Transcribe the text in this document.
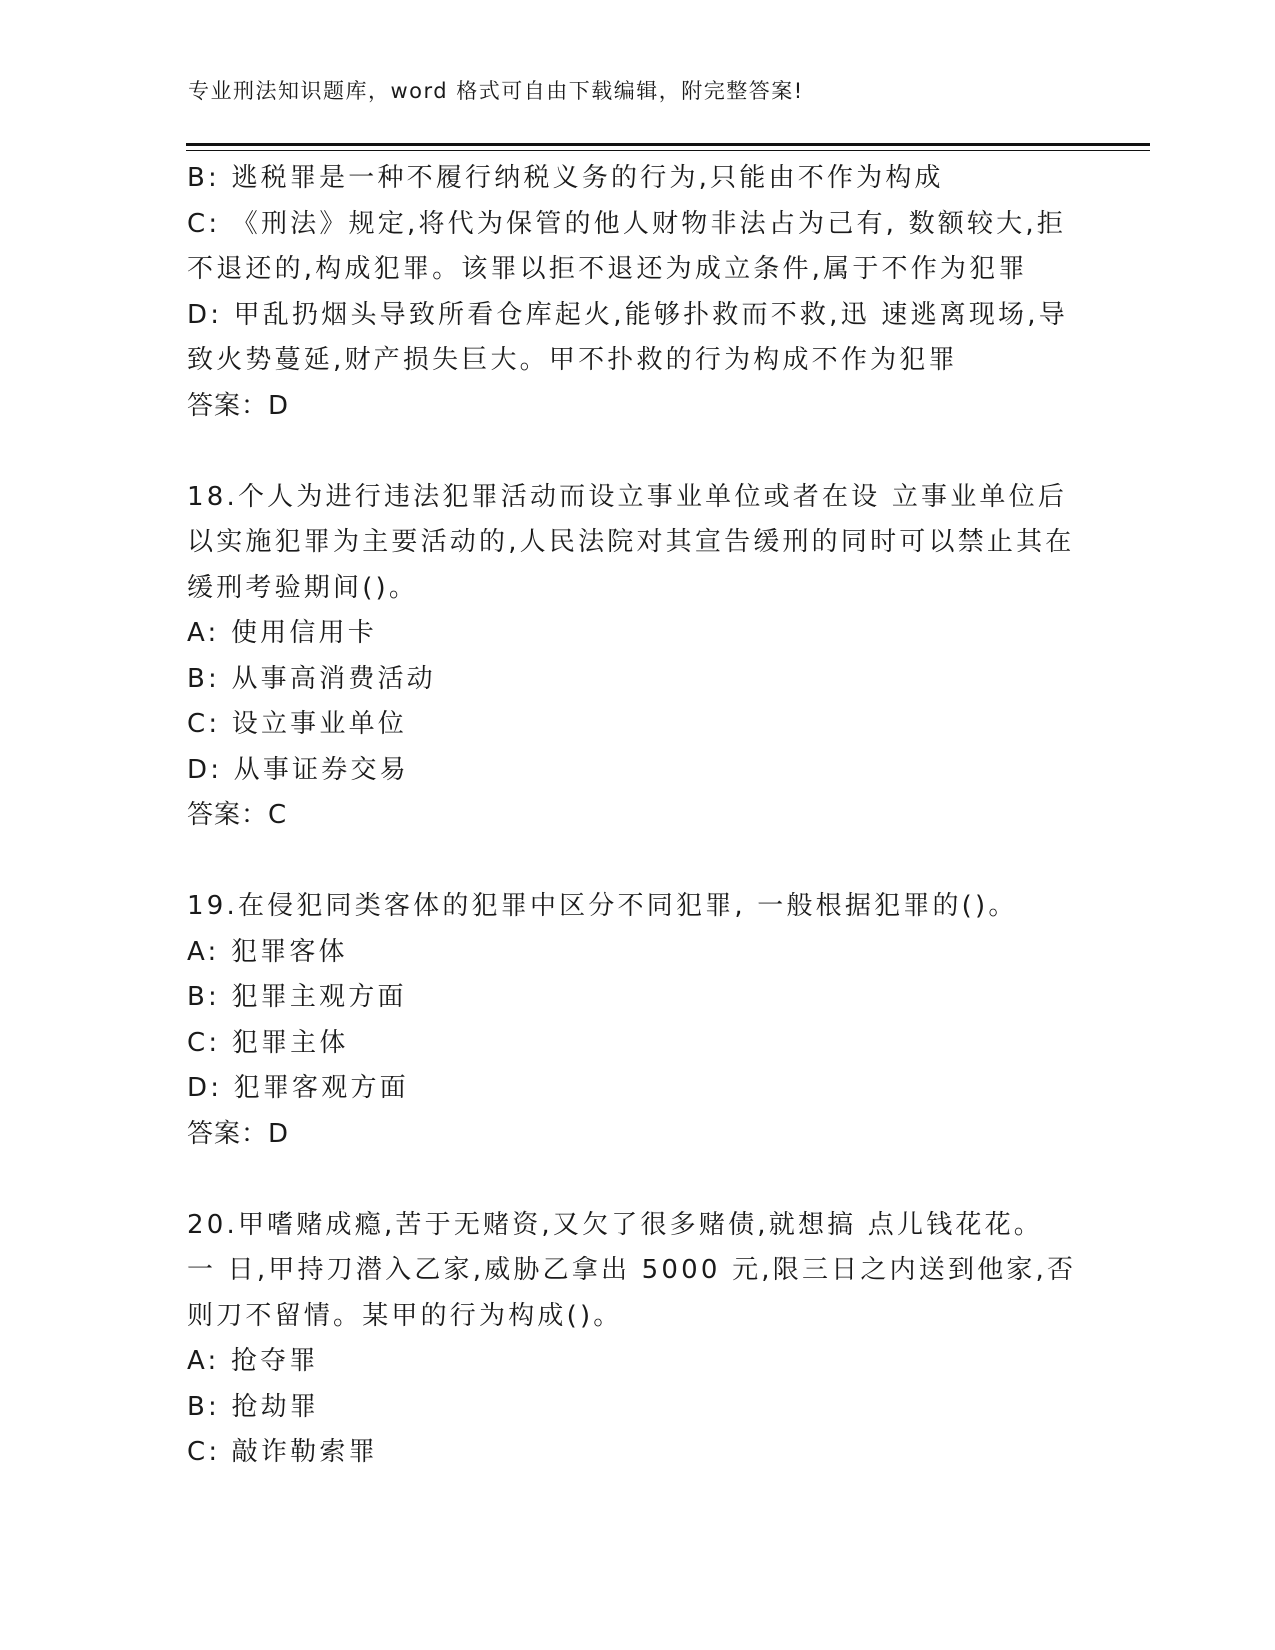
专业刑法知识题库，word 格式可自由下载编辑，附完整答案!
B: 逃税罪是一种不履行纳税义务的行为,只能由不作为构成
C: 《刑法》规定,将代为保管的他人财物非法占为己有, 数额较大,拒
不退还的,构成犯罪。该罪以拒不退还为成立条件,属于不作为犯罪
D: 甲乱扔烟头导致所看仓库起火,能够扑救而不救,迅 速逃离现场,导
致火势蔓延,财产损失巨大。甲不扑救的行为构成不作为犯罪
答案：D
18.个人为进行违法犯罪活动而设立事业单位或者在设 立事业单位后
以实施犯罪为主要活动的,人民法院对其宣告缓刑的同时可以禁止其在
缓刑考验期间()。
A: 使用信用卡
B: 从事高消费活动
C: 设立事业单位
D: 从事证券交易
答案：C
19.在侵犯同类客体的犯罪中区分不同犯罪, 一般根据犯罪的()。
A: 犯罪客体
B: 犯罪主观方面
C: 犯罪主体
D: 犯罪客观方面
答案：D
20.甲嗜赌成瘾,苦于无赌资,又欠了很多赌债,就想搞 点儿钱花花。
一 日,甲持刀潜入乙家,威胁乙拿出 5000 元,限三日之内送到他家,否
则刀不留情。某甲的行为构成()。
A: 抢夺罪
B: 抢劫罪
C: 敲诈勒索罪
